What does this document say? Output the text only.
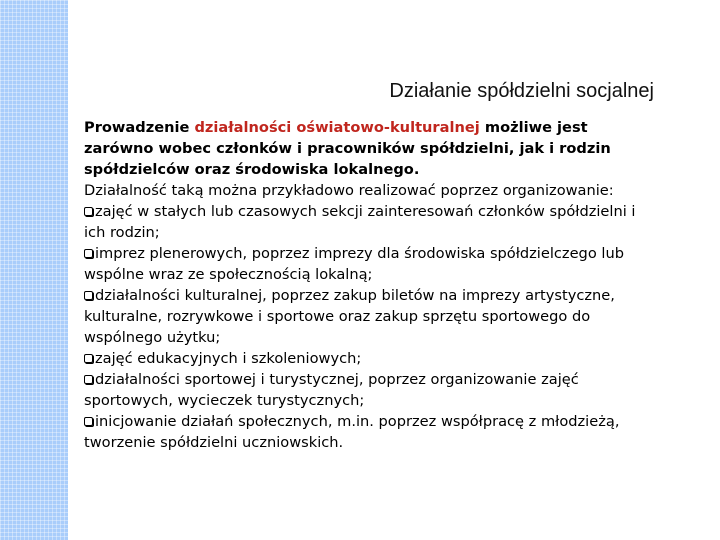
Działanie spółdzielni socjalnej

Prowadzenie działalności oświatowo-kulturalnej możliwe jest zarówno wobec członków i pracowników spółdzielni, jak i rodzin spółdzielców oraz środowiska lokalnego.

Działalność taką można przykładowo realizować poprzez organizowanie:

zajęć w stałych lub czasowych sekcji zainteresowań członków spółdzielni i ich rodzin;
imprez plenerowych, poprzez imprezy dla środowiska spółdzielczego lub wspólne wraz ze społecznością lokalną;
działalności kulturalnej, poprzez zakup biletów na imprezy artystyczne, kulturalne, rozrywkowe i sportowe oraz zakup sprzętu sportowego do wspólnego użytku;
zajęć edukacyjnych i szkoleniowych;
działalności sportowej i turystycznej, poprzez organizowanie zajęć sportowych, wycieczek turystycznych;
inicjowanie działań społecznych, m.in. poprzez współpracę z młodzieżą, tworzenie spółdzielni uczniowskich.
